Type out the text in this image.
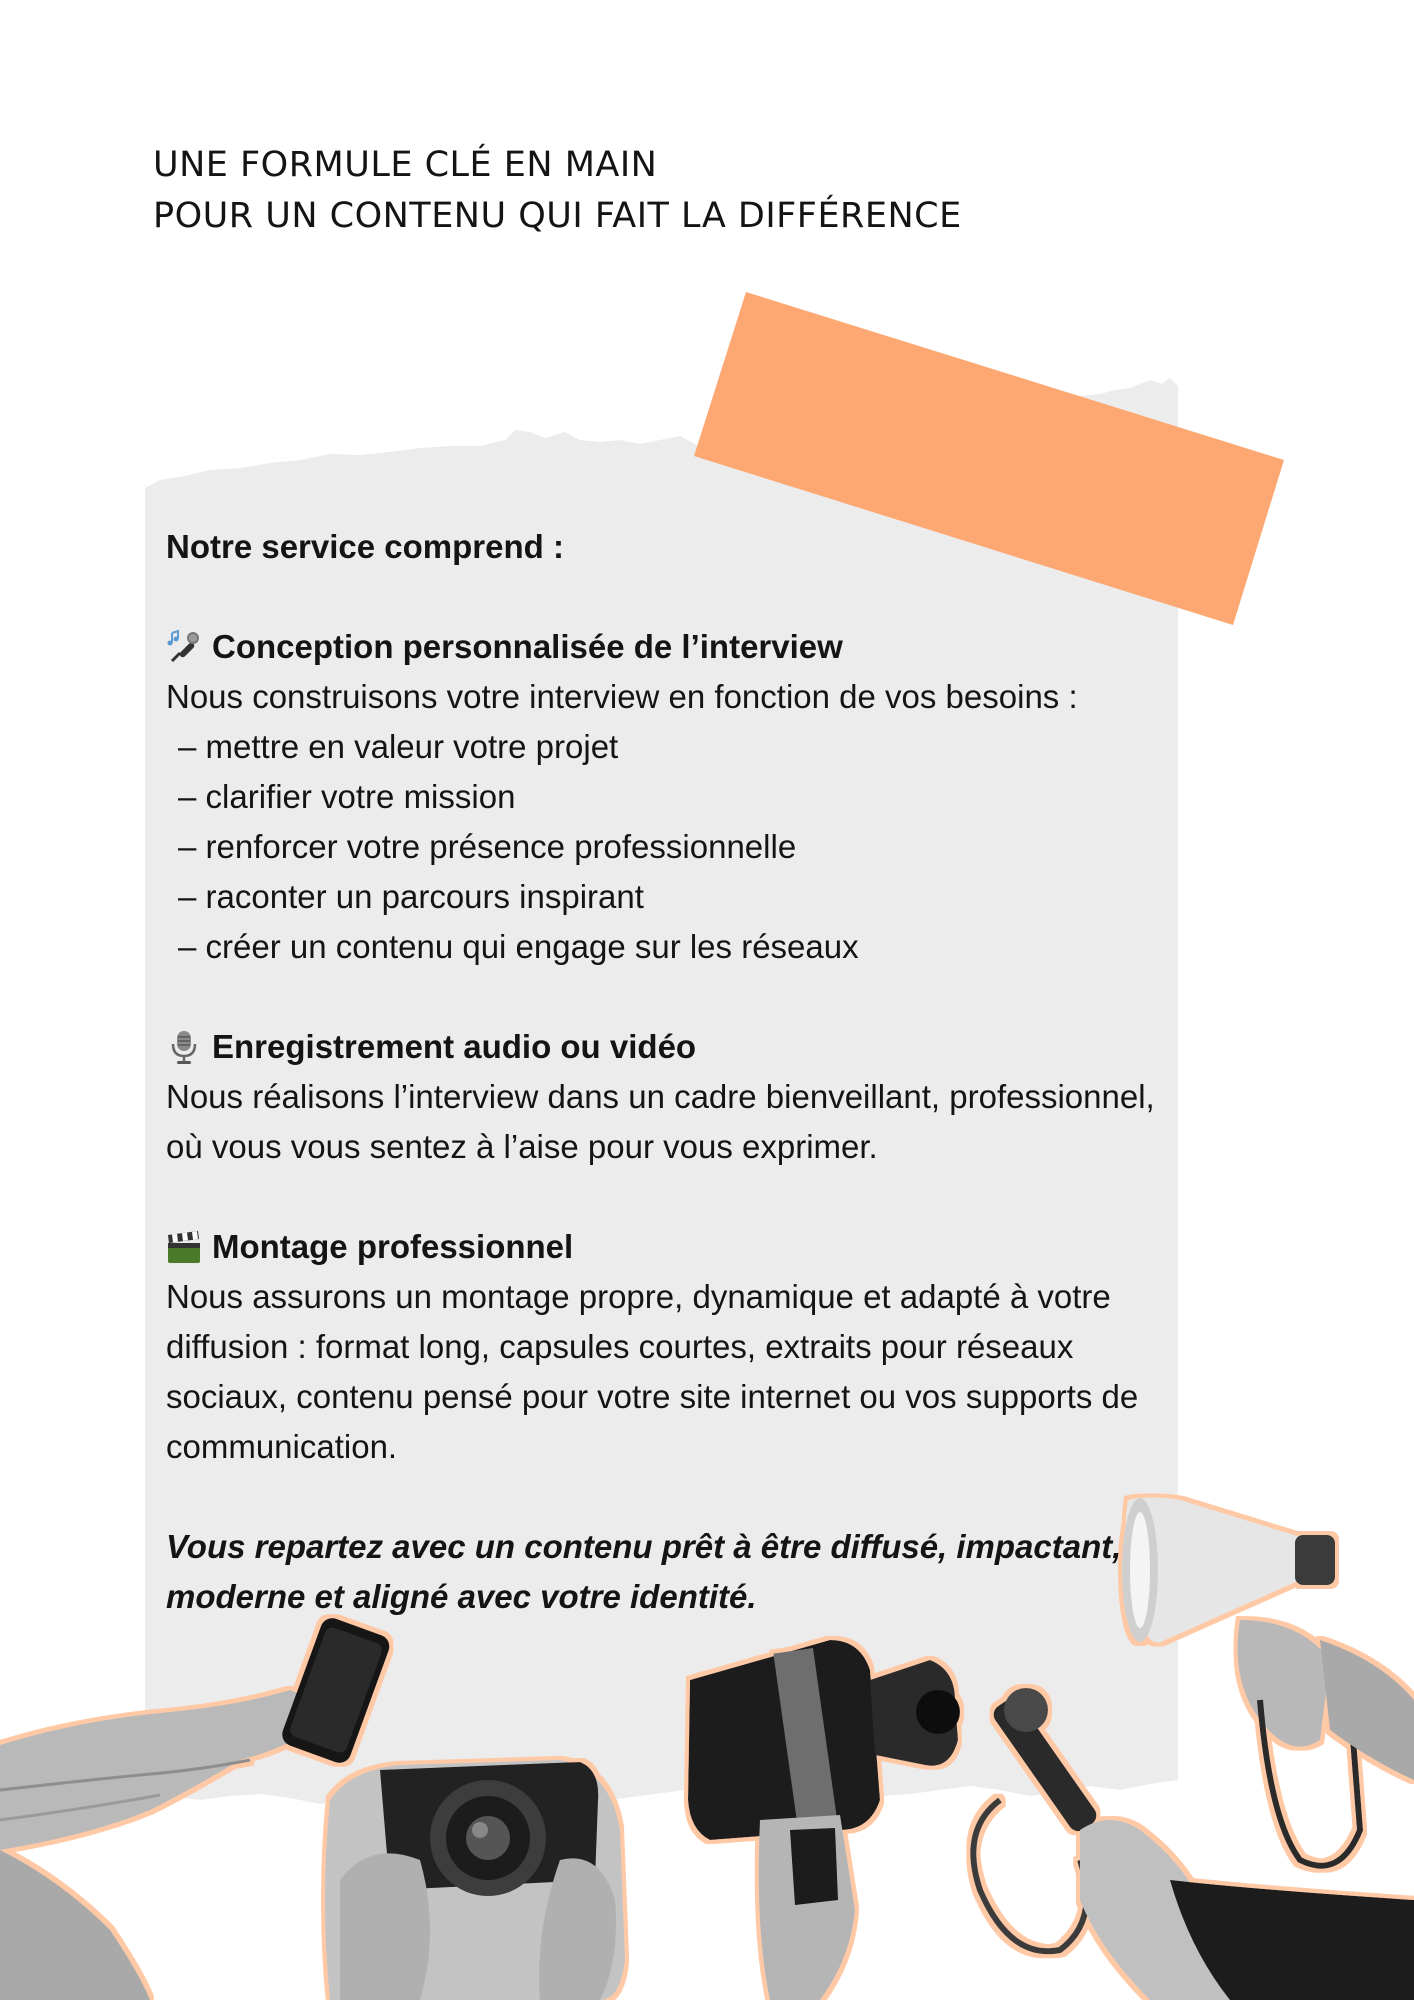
UNE FORMULE CLÉ EN MAIN
POUR UN CONTENU QUI FAIT LA DIFFÉRENCE

Notre service comprend :

Conception personnalisée de l’interview

Nous construisons votre interview en fonction de vos besoins :

– mettre en valeur votre projet
– clarifier votre mission
– renforcer votre présence professionnelle
– raconter un parcours inspirant
– créer un contenu qui engage sur les réseaux
Enregistrement audio ou vidéo

Nous réalisons l’interview dans un cadre bienveillant, professionnel, où vous vous sentez à l’aise pour vous exprimer.

Montage professionnel

Nous assurons un montage propre, dynamique et adapté à votre diffusion : format long, capsules courtes, extraits pour réseaux sociaux, contenu pensé pour votre site internet ou vos supports de communication.

Vous repartez avec un contenu prêt à être diffusé, impactant, moderne et aligné avec votre identité.
